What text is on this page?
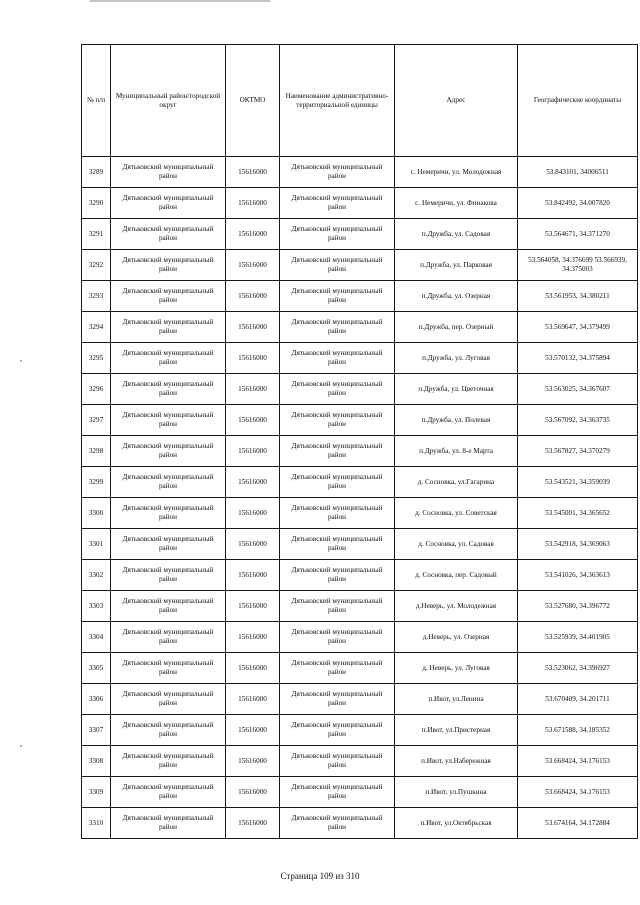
№ п/п	Муниципальный район/городской округ	ОКТМО	Наименование административно-территориальной единицы	Адрес	Географические координаты
3289	Дятьковский муниципальный район	15616000	Дятьковский муниципальный район	с. Немеричи, ул. Молодежная	53.843101, 34006511
3290	Дятьковский муниципальный район	15616000	Дятьковский муниципальный район	с. Немеричи, ул. Финакова	53.842492, 34.007820
3291	Дятьковский муниципальный район	15616000	Дятьковский муниципальный район	п.Дружба, ул. Садовая	53.564671, 34.371270
3292	Дятьковский муниципальный район	15616000	Дятьковский муниципальный район	п.Дружба, ул. Парковая	53.564058, 34.376699 53.566939, 34.375003
3293	Дятьковский муниципальный район	15616000	Дятьковский муниципальный район	п.Дружба, ул. Озерная	53.561953, 34.380211
3294	Дятьковский муниципальный район	15616000	Дятьковский муниципальный район	п.Дружба, пер. Озерный	53.569647, 34.379499
3295	Дятьковский муниципальный район	15616000	Дятьковский муниципальный район	п.Дружба, ул. Луговая	53.570132, 34.375894
3296	Дятьковский муниципальный район	15616000	Дятьковский муниципальный район	п.Дружба, ул. Цветочная	53.563025, 34.367607
3297	Дятьковский муниципальный район	15616000	Дятьковский муниципальный район	п.Дружба, ул. Полевая	53.567092, 34.363735
3298	Дятьковский муниципальный район	15616000	Дятьковский муниципальный район	п.Дружба, ул. 8-е Марта	53.567827, 34.370279
3299	Дятьковский муниципальный район	15616000	Дятьковский муниципальный район	д. Сосновка, ул.Гагарина	53.543521, 34.359039
3300	Дятьковский муниципальный район	15616000	Дятьковский муниципальный район	д. Сосновка, ул. Советская	53.545001, 34.365652
3301	Дятьковский муниципальный район	15616000	Дятьковский муниципальный район	д. Сосновка, ул. Садовая	53.542918, 34.369063
3302	Дятьковский муниципальный район	15616000	Дятьковский муниципальный район	д. Сосновка, пер. Садовый	53.541026, 34.363613
3303	Дятьковский муниципальный район	15616000	Дятьковский муниципальный район	д.Неверь, ул. Молодежная	53.527680, 34.396772
3304	Дятьковский муниципальный район	15616000	Дятьковский муниципальный район	д.Неверь, ул. Озерная	53.525939, 34.401905
3305	Дятьковский муниципальный район	15616000	Дятьковский муниципальный район	д. Неверь, ул. Луговая	53.523062, 34.396927
3306	Дятьковский муниципальный район	15616000	Дятьковский муниципальный район	п.Ивот, ул.Ленина	53.670409, 34.201711
3307	Дятьковский муниципальный район	15616000	Дятьковский муниципальный район	п.Ивот, ул.Пристерная	53.671588, 34.185352
3308	Дятьковский муниципальный район	15616000	Дятьковский муниципальный район	п.Ивот, ул.Набережная	53.668424, 34.176153
3309	Дятьковский муниципальный район	15616000	Дятьковский муниципальный район	п.Ивот, ул.Пушкина	53.668424, 34.176153
3310	Дятьковский муниципальный район	15616000	Дятьковский муниципальный район	п.Ивот, ул.Октябрьская	53.674164, 34.172884
Страница 109 из 310
